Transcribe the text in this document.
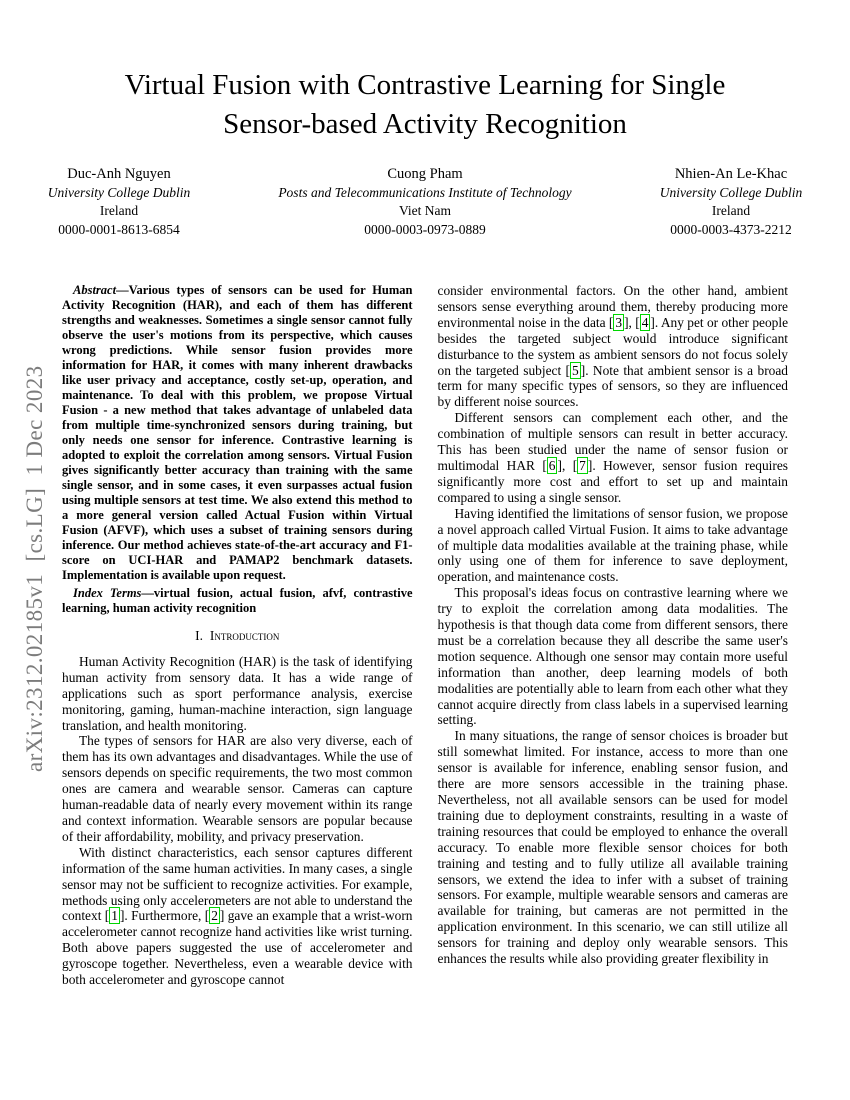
arXiv:2312.02185v1  [cs.LG]  1 Dec 2023
Virtual Fusion with Contrastive Learning for Single
Sensor-based Activity Recognition
Duc-Anh Nguyen
University College Dublin
Ireland
0000-0001-8613-6854
Cuong Pham
Posts and Telecommunications Institute of Technology
Viet Nam
0000-0003-0973-0889
Nhien-An Le-Khac
University College Dublin
Ireland
0000-0003-4373-2212

Abstract—Various types of sensors can be used for Human Activity Recognition (HAR), and each of them has different strengths and weaknesses. Sometimes a single sensor cannot fully observe the user's motions from its perspective, which causes wrong predictions. While sensor fusion provides more information for HAR, it comes with many inherent drawbacks like user privacy and acceptance, costly set-up, operation, and maintenance. To deal with this problem, we propose Virtual Fusion - a new method that takes advantage of unlabeled data from multiple time-synchronized sensors during training, but only needs one sensor for inference. Contrastive learning is adopted to exploit the correlation among sensors. Virtual Fusion gives significantly better accuracy than training with the same single sensor, and in some cases, it even surpasses actual fusion using multiple sensors at test time. We also extend this method to a more general version called Actual Fusion within Virtual Fusion (AFVF), which uses a subset of training sensors during inference. Our method achieves state-of-the-art accuracy and F1-score on UCI-HAR and PAMAP2 benchmark datasets. Implementation is available upon request.

Index Terms—virtual fusion, actual fusion, afvf, contrastive learning, human activity recognition

I. Introduction

Human Activity Recognition (HAR) is the task of identifying human activity from sensory data. It has a wide range of applications such as sport performance analysis, exercise monitoring, gaming, human-machine interaction, sign language translation, and health monitoring.

The types of sensors for HAR are also very diverse, each of them has its own advantages and disadvantages. While the use of sensors depends on specific requirements, the two most common ones are camera and wearable sensor. Cameras can capture human-readable data of nearly every movement within its range and context information. Wearable sensors are popular because of their affordability, mobility, and privacy preservation.

With distinct characteristics, each sensor captures different information of the same human activities. In many cases, a single sensor may not be sufficient to recognize activities. For example, methods using only accelerometers are not able to understand the context [ 1 ]. Furthermore, [ 2 ] gave an example that a wrist-worn accelerometer cannot recognize hand activities like wrist turning. Both above papers suggested the use of accelerometer and gyroscope together. Nevertheless, even a wearable device with both accelerometer and gyroscope cannot

consider environmental factors. On the other hand, ambient sensors sense everything around them, thereby producing more environmental noise in the data [ 3 ], [ 4 ]. Any pet or other people besides the targeted subject would introduce significant disturbance to the system as ambient sensors do not focus solely on the targeted subject [ 5 ]. Note that ambient sensor is a broad term for many specific types of sensors, so they are influenced by different noise sources.

Different sensors can complement each other, and the combination of multiple sensors can result in better accuracy. This has been studied under the name of sensor fusion or multimodal HAR [ 6 ], [ 7 ]. However, sensor fusion requires significantly more cost and effort to set up and maintain compared to using a single sensor.

Having identified the limitations of sensor fusion, we propose a novel approach called Virtual Fusion. It aims to take advantage of multiple data modalities available at the training phase, while only using one of them for inference to save deployment, operation, and maintenance costs.

This proposal's ideas focus on contrastive learning where we try to exploit the correlation among data modalities. The hypothesis is that though data come from different sensors, there must be a correlation because they all describe the same user's motion sequence. Although one sensor may contain more useful information than another, deep learning models of both modalities are potentially able to learn from each other what they cannot acquire directly from class labels in a supervised learning setting.

In many situations, the range of sensor choices is broader but still somewhat limited. For instance, access to more than one sensor is available for inference, enabling sensor fusion, and there are more sensors accessible in the training phase. Nevertheless, not all available sensors can be used for model training due to deployment constraints, resulting in a waste of training resources that could be employed to enhance the overall accuracy. To enable more flexible sensor choices for both training and testing and to fully utilize all available training sensors, we extend the idea to infer with a subset of training sensors. For example, multiple wearable sensors and cameras are available for training, but cameras are not permitted in the application environment. In this scenario, we can still utilize all sensors for training and deploy only wearable sensors. This enhances the results while also providing greater flexibility in
